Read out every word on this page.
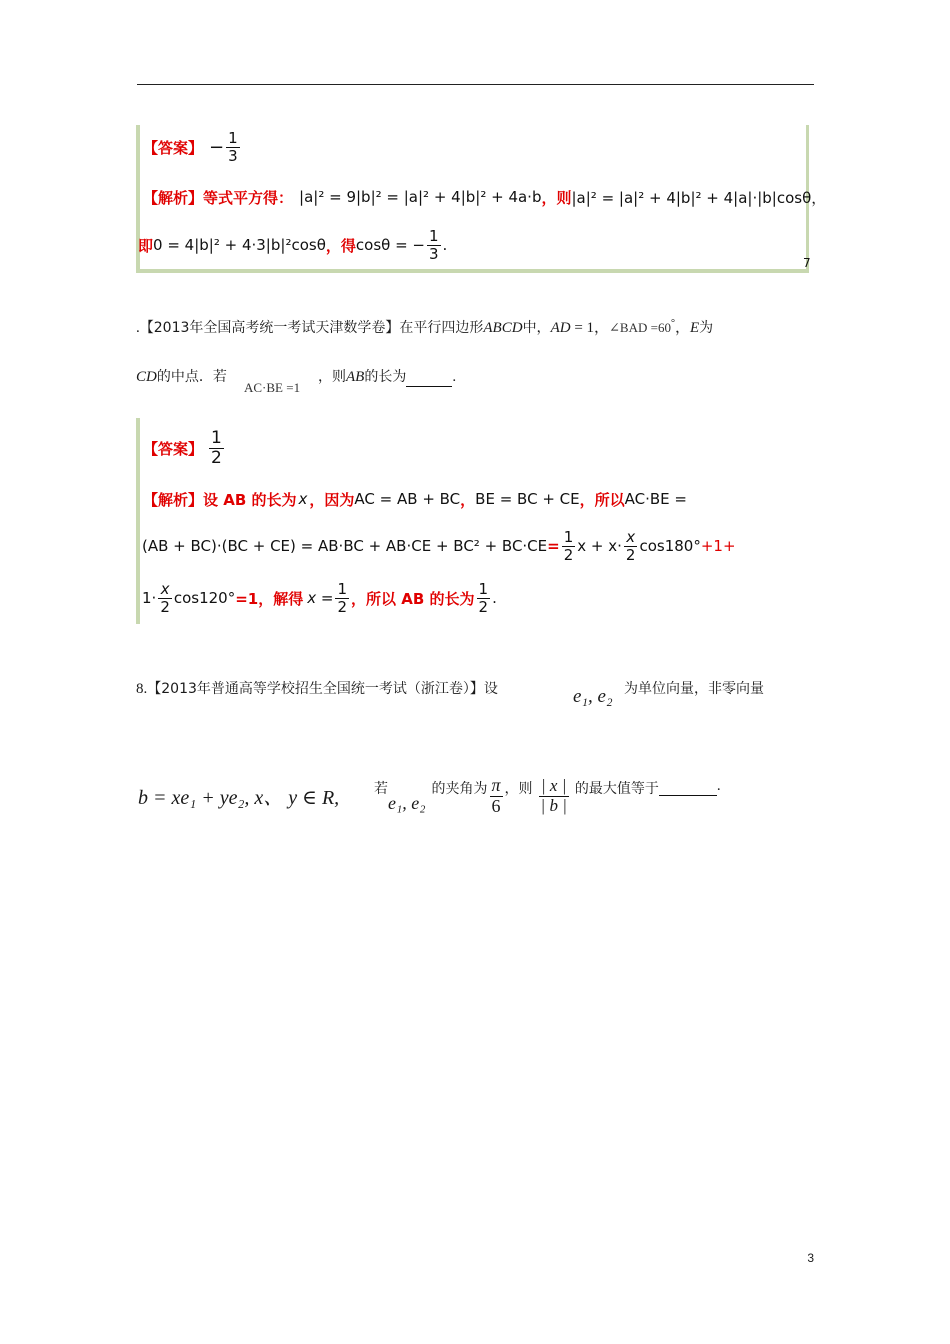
【答案】 − $\frac{1}{3}$
【解析】 等式平方得： |a|² = 9|b|² = |a|² + 4|b|² + 4a·b ，则 |a|² = |a|² + 4|b|² + 4|a|·|b|cosθ，
即 0 = 4|b|² + 4·3|b|²cosθ ，得 cosθ = − $\frac{1}{3}$ .
7
.【2013年全国高考统一考试天津数学卷】在平行四边形ABCD中，AD = 1，∠BAD =60°，E为
CD的中点．若
AC·BE =1
，则AB的长为	.
【答案】 $\frac{1}{2}$
【解析】 设 AB 的长为 x ，因为 AC = AB + BC ， BE = BC + CE ，所以 AC·BE =
$(AB + BC)\cdot(BC + CE) = AB\cdot BC + AB\cdot CE + BC^2 + BC\cdot CE = \frac{1}{2}$ $x + x\cdot \frac{x}{2} \cos 180^\circ +1+$
$1\cdot \frac{x}{2} \cos 120^\circ =1$，解得 $x = \frac{1}{2}$ ，所以 AB 的长为 $\frac{1}{2}$ .
8.【2013年普通高等学校招生全国统一考试（浙江卷）】设	e₁, e₂ 为单位向量，非零向量
b = xe₁ + ye₂, x、 y ∈ R, 若
e₁, e₂
的夹角为 $\frac{\pi}{6}$ ，则 $\frac{| x |}{| b |}$ 的最大值等于	.
3
